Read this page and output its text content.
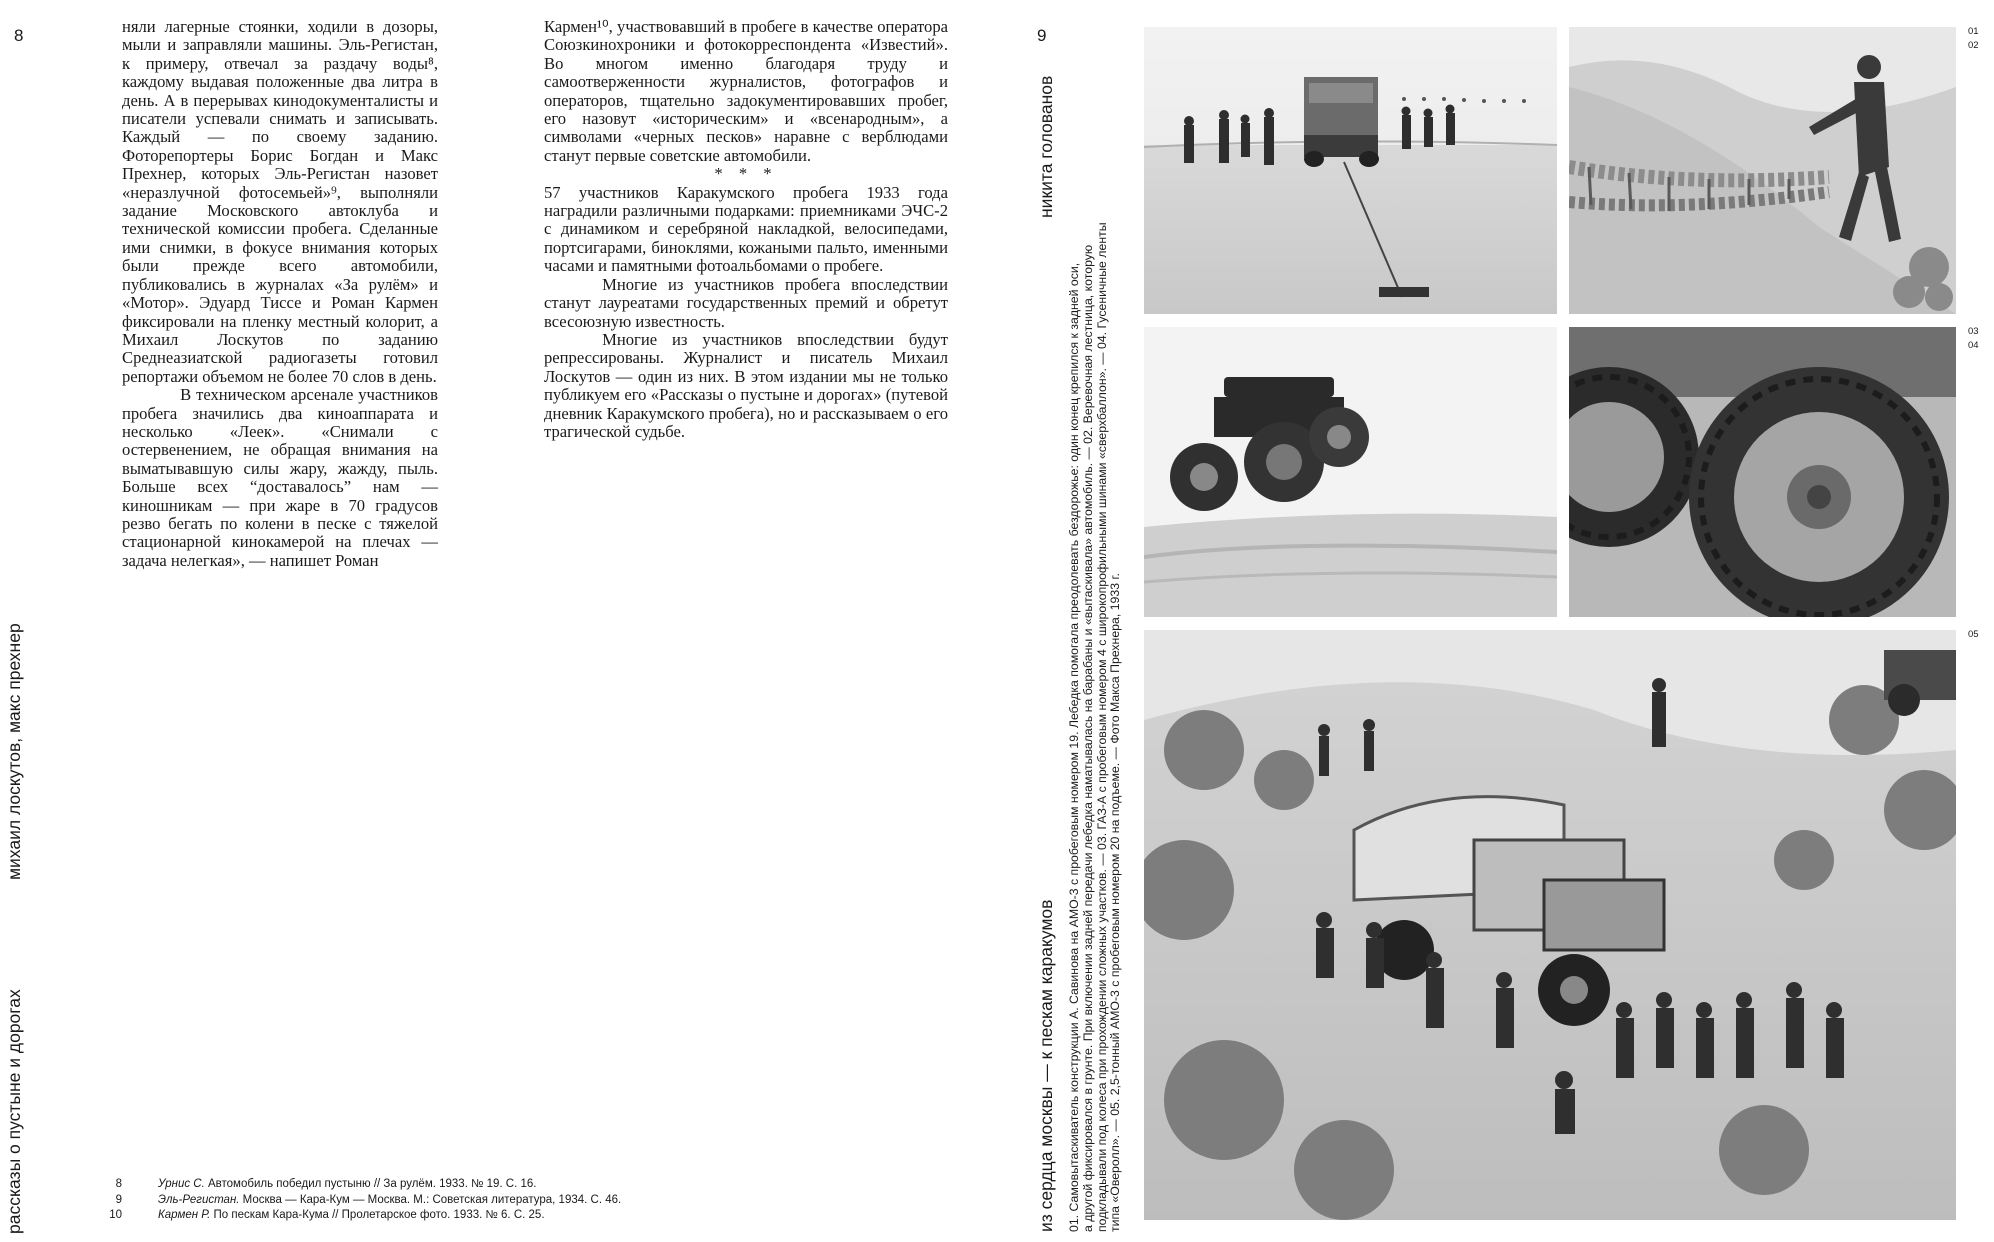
8	няли лагерные стоянки, ходили в дозоры, мыли и заправляли машины. Эль-Регистан, к примеру, отвечал за раздачу воды⁸, каждому выдавая положенные два литра в день. А в перерывах кинодокументалисты и писатели успевали снимать и записывать. Каждый — по своему заданию. Фоторепортеры Борис Богдан и Макс Прехнер, которых Эль-Регистан назовет «неразлучной фотосемьей»⁹, выполняли задание Московского автоклуба и технической комиссии пробега. Сделанные ими снимки, в фокусе внимания которых были прежде всего автомобили, публиковались в журналах «За рулём» и «Мотор». Эдуард Тиссе и Роман Кармен фиксировали на пленку местный колорит, а Михаил Лоскутов по заданию Среднеазиатской радиогазеты готовил репортажи объемом не более 70 слов в день.

В техническом арсенале участников пробега значились два киноаппарата и несколько «Леек». «Снимали с остервенением, не обращая внимания на выматывавшую силы жару, жажду, пыль. Больше всех “доставалось” нам — киношникам — при жаре в 70 градусов резво бегать по колени в песке с тяжелой стационарной кинокамерой на плечах — задача нелегкая», — напишет Роман

Кармен¹⁰, участвовавший в пробеге в качестве оператора Союзкинохроники и фотокорреспондента «Известий». Во многом именно благодаря труду и самоотверженности журналистов, фотографов и операторов, тщательно задокументировавших пробег, его назовут «историческим» и «всенародным», а символами «черных песков» наравне с верблюдами станут первые советские автомобили.

* * *

57 участников Каракумского пробега 1933 года наградили различными подарками: приемниками ЭЧС-2 с динамиком и серебряной накладкой, велосипедами, портсигарами, биноклями, кожаными пальто, именными часами и памятными фотоальбомами о пробеге.

Многие из участников пробега впоследствии станут лауреатами государственных премий и обретут всесоюзную известность.

Многие из участников впоследствии будут репрессированы. Журналист и писатель Михаил Лоскутов — один из них. В этом издании мы не только публикуем его «Рассказы о пустыне и дорогах» (путевой дневник Каракумского пробега), но и рассказываем о его трагической судьбе.

михаил лоскутов, макс прехнер
рассказы о пустыне и дорогах	8	Урнис С. Автомобиль победил пустыню // За рулём. 1933. № 19. С. 16.
9	Эль-Регистан. Москва — Кара-Кум — Москва. М.: Советская литература, 1934. С. 46.
10	Кармен Р. По пескам Кара-Кума // Пролетарское фото. 1933. № 6. С. 25.
9
никита голованов
из сердца москвы — к пескам каракумов 01. Самовытаскиватель конструкции А. Савинова на АМО-3 с пробеговым номером 19. Лебедка помогала преодолевать бездорожье: один конец крепился к задней оси, а другой фиксировался в грунте. При включении задней передачи лебедка наматывалась на барабаны и «вытаскивала» автомобиль. — 02. Веревочная лестница, которую подкладывали под колеса при прохождении сложных участков. — 03. ГАЗ-А с пробеговым номером 4 с широкопрофильными шинами «сверхбаллон». — 04. Гусеничные ленты типа «Оверолл». — 05. 2,5-тонный АМО-3 с пробеговым номером 20 на подъеме. — Фото Макса Прехнера, 1933 г.
01
02
03
04
05
